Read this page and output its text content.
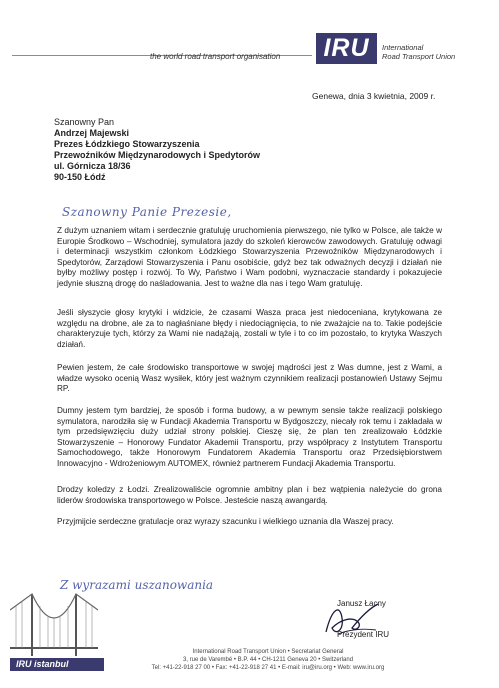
the world road transport organisation IRU	International
Road Transport Union
Genewa, dnia 3 kwietnia, 2009 r.
Szanowny Pan
Andrzej Majewski
Prezes Łódzkiego Stowarzyszenia
Przewoźników Międzynarodowych i Spedytorów
ul. Górnicza 18/36
90-150 Łódź
Szanowny Panie Prezesie,
Z dużym uznaniem witam i serdecznie gratuluję uruchomienia pierwszego, nie tylko w Polsce, ale także w Europie Środkowo – Wschodniej, symulatora jazdy do szkoleń kierowców zawodowych. Gratuluję odwagi i determinacji wszystkim członkom Łódzkiego Stowarzyszenia Przewoźników Międzynarodowych i Spedytorów, Zarządowi Stowarzyszenia i Panu osobiście, gdyż bez tak odważnych decyzji i działań nie byłby możliwy postęp i rozwój. To Wy, Państwo i Wam podobni, wyznaczacie standardy i pokazujecie jedynie słuszną drogę do naśladowania. Jest to ważne dla nas i tego Wam gratuluję.
Jeśli słyszycie głosy krytyki i widzicie, że czasami Wasza praca jest niedoceniana, krytykowana ze względu na drobne, ale za to nagłaśniane błędy i niedociągnięcia, to nie zważajcie na to. Takie podejście charakteryzuje tych, którzy za Wami nie nadążają, zostali w tyle i to co im pozostało, to krytyka Waszych działań.
Pewien jestem, że całe środowisko transportowe w swojej mądrości jest z Was dumne, jest z Wami, a władze wysoko ocenią Wasz wysiłek, który jest ważnym czynnikiem realizacji postanowień Ustawy Sejmu RP.
Dumny jestem tym bardziej, że sposób i forma budowy, a w pewnym sensie także realizacji polskiego symulatora, narodziła się w Fundacji Akademia Transportu w Bydgoszczy, niecały rok temu i zakładała w tym przedsięwzięciu duży udział strony polskiej. Cieszę się, że plan ten zrealizowało Łódzkie Stowarzyszenie – Honorowy Fundator Akademii Transportu, przy współpracy z Instytutem Transportu Samochodowego, także Honorowym Fundatorem Akademia Transportu oraz Przedsiębiorstwem Innowacyjno - Wdrożeniowym AUTOMEX, również partnerem Fundacji Akademia Transportu.
Drodzy koledzy z Łodzi. Zrealizowaliście ogromnie ambitny plan i bez wątpienia należycie do grona liderów środowiska transportowego w Polsce. Jesteście naszą awangardą.
Przyjmijcie serdeczne gratulacje oraz wyrazy szacunku i wielkiego uznania dla Waszej pracy.
Z wyrazami uszanowania
Janusz Łacny
Prezydent IRU
IRU istanbul
International Road Transport Union • Secretariat General
3, rue de Varembé • B.P. 44 • CH-1211 Geneva 20 • Switzerland
Tel: +41-22-918 27 00 • Fax: +41-22-918 27 41 • E-mail: iru@iru.org • Web: www.iru.org
